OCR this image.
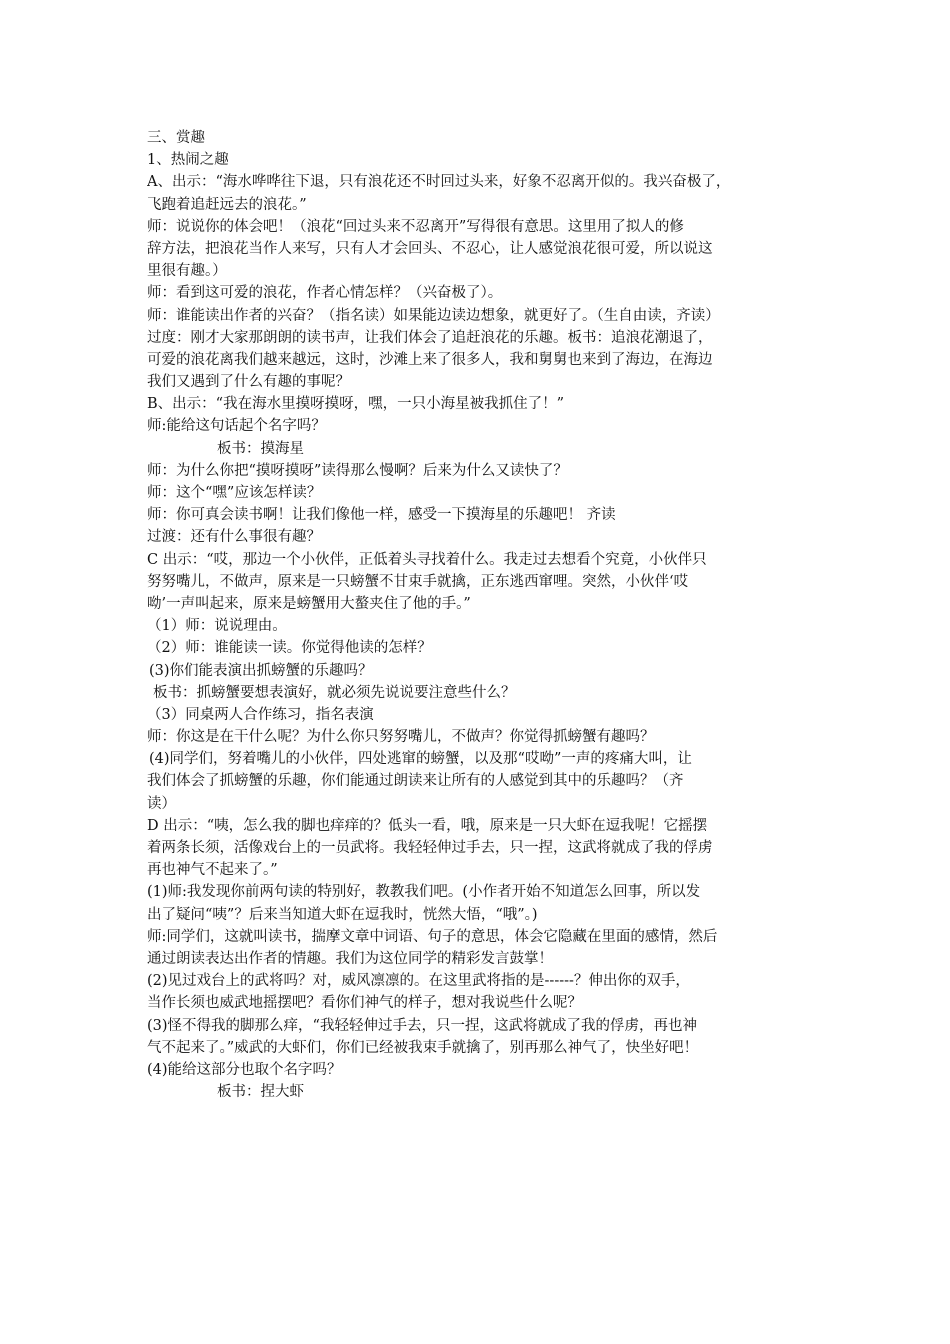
三、赏趣
1、热闹之趣
A、出示：“海水哗哗往下退，只有浪花还不时回过头来，好象不忍离开似的。我兴奋极了，
飞跑着追赶远去的浪花。”
师：说说你的体会吧！（浪花“回过头来不忍离开”写得很有意思。这里用了拟人的修
辞方法，把浪花当作人来写，只有人才会回头、不忍心，让人感觉浪花很可爱，所以说这
里很有趣。）
师：看到这可爱的浪花，作者心情怎样？（兴奋极了）。
师：谁能读出作者的兴奋？（指名读）如果能边读边想象，就更好了。（生自由读，齐读）
过度：刚才大家那朗朗的读书声，让我们体会了追赶浪花的乐趣。板书：追浪花潮退了，
可爱的浪花离我们越来越远，这时，沙滩上来了很多人，我和舅舅也来到了海边，在海边
我们又遇到了什么有趣的事呢？
B、出示：“我在海水里摸呀摸呀，嘿，一只小海星被我抓住了！”
师:能给这句话起个名字吗？
板书：摸海星
师：为什么你把“摸呀摸呀”读得那么慢啊？后来为什么又读快了？
师：这个“嘿”应该怎样读？
师：你可真会读书啊！让我们像他一样，感受一下摸海星的乐趣吧！ 齐读
过渡：还有什么事很有趣？
C 出示：“哎，那边一个小伙伴，正低着头寻找着什么。我走过去想看个究竟，小伙伴只
努努嘴儿，不做声，原来是一只螃蟹不甘束手就擒，正东逃西窜哩。突然，小伙伴‘哎
呦’一声叫起来，原来是螃蟹用大螯夹住了他的手。”
（1）师：说说理由。
（2）师：谁能读一读。你觉得他读的怎样？
(3)你们能表演出抓螃蟹的乐趣吗？
板书：抓螃蟹要想表演好，就必须先说说要注意些什么？
（3）同桌两人合作练习，指名表演
师：你这是在干什么呢？为什么你只努努嘴儿，不做声？你觉得抓螃蟹有趣吗？
(4)同学们，努着嘴儿的小伙伴，四处逃窜的螃蟹，以及那“哎呦”一声的疼痛大叫，让
我们体会了抓螃蟹的乐趣，你们能通过朗读来让所有的人感觉到其中的乐趣吗？（齐
读）
D 出示：“咦，怎么我的脚也痒痒的？低头一看，哦，原来是一只大虾在逗我呢！它摇摆
着两条长须，活像戏台上的一员武将。我轻轻伸过手去，只一捏，这武将就成了我的俘虏
再也神气不起来了。”
(1)师:我发现你前两句读的特别好，教教我们吧。(小作者开始不知道怎么回事，所以发
出了疑问“咦”？后来当知道大虾在逗我时，恍然大悟，“哦”。)
师:同学们，这就叫读书，揣摩文章中词语、句子的意思，体会它隐藏在里面的感情，然后
通过朗读表达出作者的情趣。我们为这位同学的精彩发言鼓掌！
(2)见过戏台上的武将吗？对，威风凛凛的。在这里武将指的是------？伸出你的双手，
当作长须也威武地摇摆吧？看你们神气的样子，想对我说些什么呢？
(3)怪不得我的脚那么痒，“我轻轻伸过手去，只一捏，这武将就成了我的俘虏，再也神
气不起来了。”威武的大虾们，你们已经被我束手就擒了，别再那么神气了，快坐好吧！
(4)能给这部分也取个名字吗？
板书：捏大虾
